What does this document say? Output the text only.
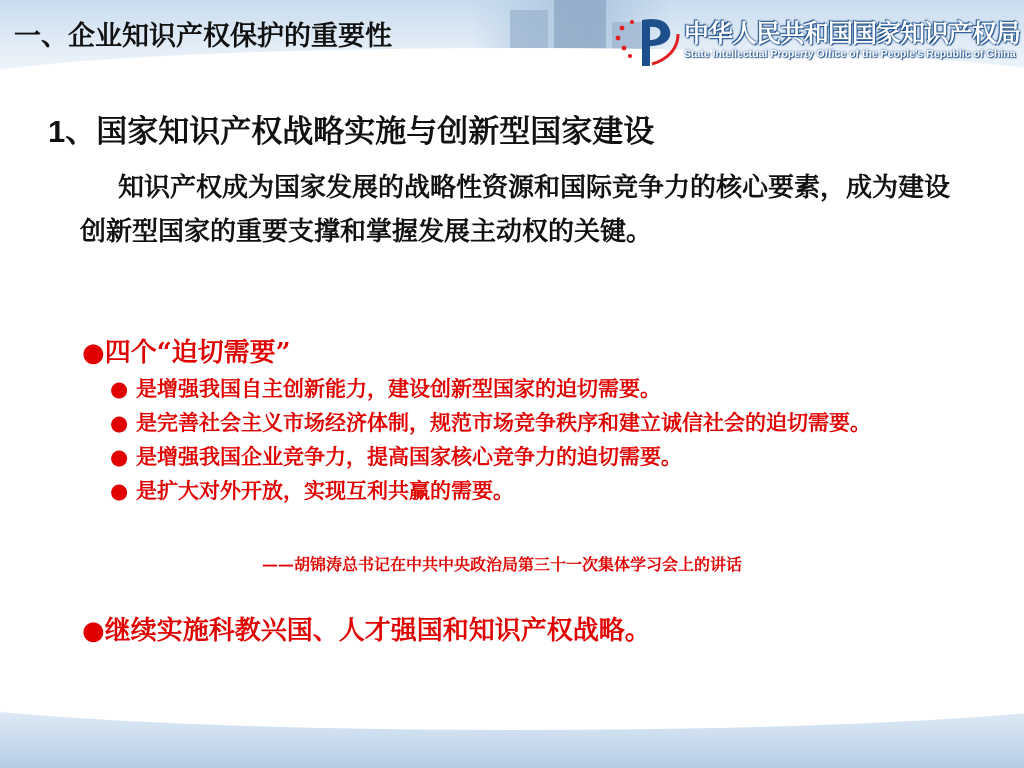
一、企业知识产权保护的重要性	中华人民共和国国家知识产权局

State Intellectual Property Office of the People's Republic of China

1、国家知识产权战略实施与创新型国家建设

知识产权成为国家发展的战略性资源和国际竞争力的核心要素，成为建设创新型国家的重要支撑和掌握发展主动权的关键。

●四个“迫切需要”

● 是增强我国自主创新能力，建设创新型国家的迫切需要。
● 是完善社会主义市场经济体制，规范市场竞争秩序和建立诚信社会的迫切需要。
● 是增强我国企业竞争力，提高国家核心竞争力的迫切需要。
● 是扩大对外开放，实现互利共赢的需要。

——胡锦涛总书记在中共中央政治局第三十一次集体学习会上的讲话

●继续实施科教兴国、人才强国和知识产权战略。
